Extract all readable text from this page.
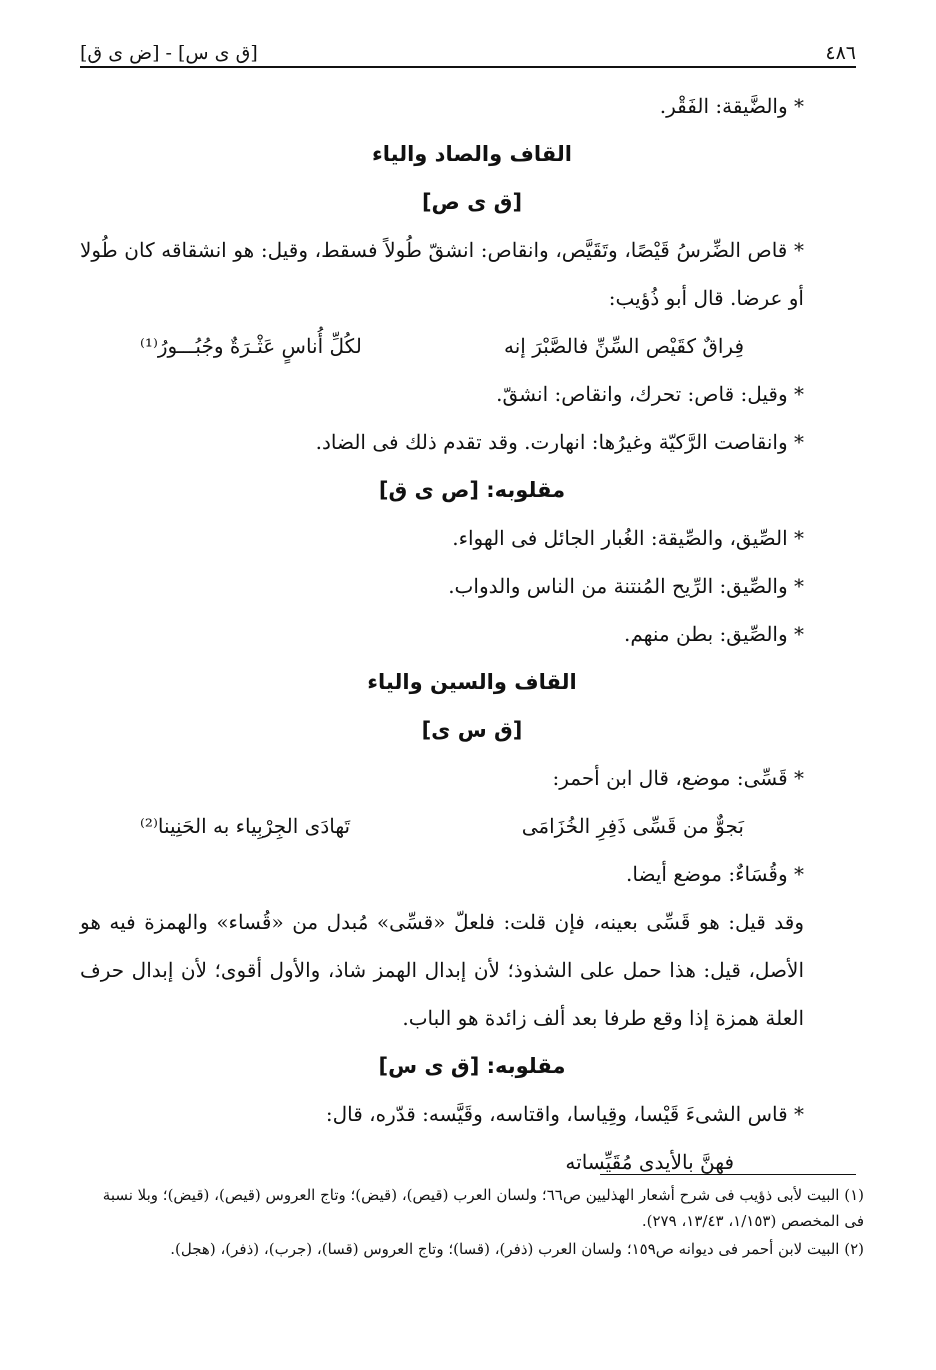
[ض ى ق] - [ق ى س]	٤٨٦
* والضَّيقة: الفَقْر.
القاف والصاد والياء
[ق ى ص]
* قاص الضِّرسُ قَيْصًا، وتَقَيَّص، وانقاص: انشقّ طُولاً فسقط، وقيل: هو انشقاقه كان طُولا أو عرضا. قال أبو ذُؤيب:
فِراقٌ كقَيْص السِّنِّ فالصَّبْرَ إنه
لكُلِّ أُناسٍ عَثْـرَةٌ وجُبُـــورُ⁽¹⁾
* وقيل: قاص: تحرك، وانقاص: انشقّ.
* وانقاصت الرَّكيّة وغيرُها: انهارت. وقد تقدم ذلك فى الضاد.
مقلوبه: [ص ى ق]
* الصِّيق، والصِّيقة: الغُبار الجائل فى الهواء.
* والصِّيق: الرِّيح المُنتنة من الناس والدواب.
* والصِّيق: بطن منهم.
القاف والسين والياء
[ق س ى]
* قَسِّى: موضع، قال ابن أحمر:
بَجوٌّ من قَسِّى ذَفِرِ الخُزَامَى
تَهادَى الجِرْبِياء به الحَنِينا⁽²⁾
* وقُسَاءٌ: موضع أيضا.
وقد قيل: هو قَسِّى بعينه، فإن قلت: فلعلّ «قسِّى» مُبدل من «قُساء» والهمزة فيه هو الأصل، قيل: هذا حمل على الشذوذ؛ لأن إبدال الهمز شاذ، والأول أقوى؛ لأن إبدال حرف العلة همزة إذا وقع طرفا بعد ألف زائدة هو الباب.
مقلوبه: [ق ى س]
* قاس الشىءَ قَيْسا، وقِياسا، واقتاسه، وقَيَّسه: قدّره، قال:
فهنَّ بالأيدى مُقَيِّساته
(١) البيت لأبى ذؤيب فى شرح أشعار الهذليين ص٦٦؛ ولسان العرب (قيص)، (قيض)؛ وتاج العروس (قيص)، (قيض)؛ وبلا نسبة فى المخصص (١/١٥٣، ١٣/٤٣، ٢٧٩).
(٢) البيت لابن أحمر فى ديوانه ص١٥٩؛ ولسان العرب (ذفر)، (قسا)؛ وتاج العروس (قسا)، (جرب)، (ذفر)، (هجل).
